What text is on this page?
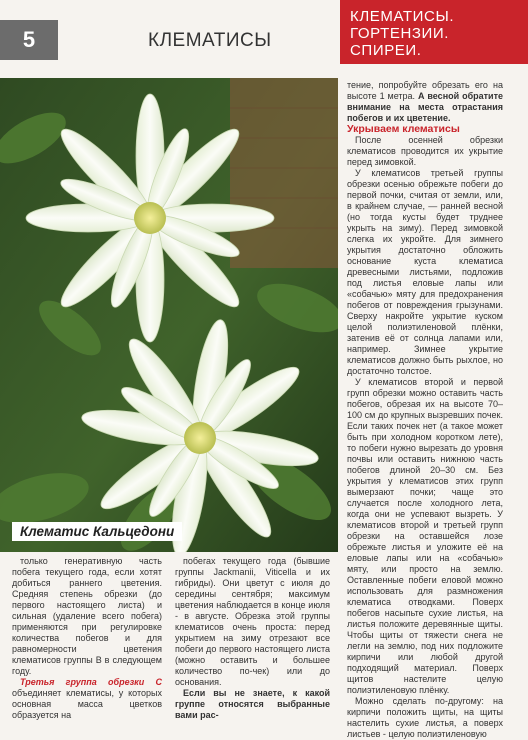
5	КЛЕМАТИСЫ
КЛЕМАТИСЫ.
ГОРТЕНЗИИ.
СПИРЕИ.
Клематис Кальцедони

только генеративную часть побега текущего года, если хотят добиться раннего цветения. Средняя степень обрезки (до первого настоящего листа) и сильная (удаление всего побега) применяются при регулировке количества побегов и для равномерности цветения клематисов группы В в следующем году.

Третья группа обрезки С объединяет клематисы, у которых основная масса цветков образуется на

побегах текущего года (бывшие группы Jackmanii, Viticella и их гибриды). Они цветут с июля до середины сентября; максимум цветения наблюдается в конце июля - в августе. Обрезка этой группы клематисов очень проста: перед укрытием на зиму отрезают все побеги до первого настоящего листа (можно оставить и большее количество по-чек) или до основания.

Если вы не знаете, к какой группе относятся выбранные вами рас-

тение, попробуйте обрезать его на высоте 1 метра. А весной обратите внимание на места отрастания побегов и их цветение.

Укрываем клематисы

После осенней обрезки клематисов проводится их укрытие перед зимовкой.

У клематисов третьей группы обрезки осенью обрежьте побеги до первой почки, считая от земли, или, в крайнем случае, — ранней весной (но тогда кусты будет труднее укрыть на зиму). Перед зимовкой слегка их укройте. Для зимнего укрытия достаточно обложить основание куста клематиса древесными листьями, подложив под листья еловые лапы или «собачью» мяту для предохранения побегов от повреждения грызунами. Сверху накройте укрытие куском целой полиэтиленовой плёнки, затенив её от солнца лапами или, например. Зимнее укрытие клематисов должно быть рыхлое, но достаточно толстое.

У клематисов второй и первой групп обрезки можно оставить часть побегов, обрезая их на высоте 70–100 см до крупных вызревших почек. Если таких почек нет (а такое может быть при холодном коротком лете), то побеги нужно вырезать до уровня почвы или оставить нижнюю часть побегов длиной 20–30 см. Без укрытия у клематисов этих групп вымерзают почки; чаще это случается после холодного лета, когда они не успевают вызреть. У клематисов второй и третьей групп обрезки на оставшейся лозе обрежьте листья и уложите её на еловые лапы или на «собачью» мяту, или просто на землю. Оставленные побеги еловой можно использовать для размножения клематиса отводками. Поверх побегов насыпьте сухие листья, на листья положите деревянные щиты. Чтобы щиты от тяжести снега не легли на землю, под них подложите кирпичи или любой другой подходящий материал. Поверх щитов настелите целую полиэтиленовую плёнку.

Можно сделать по-другому: на кирпичи положить щиты, на щиты настелить сухие листья, а поверх листьев - целую полиэтиленовую
